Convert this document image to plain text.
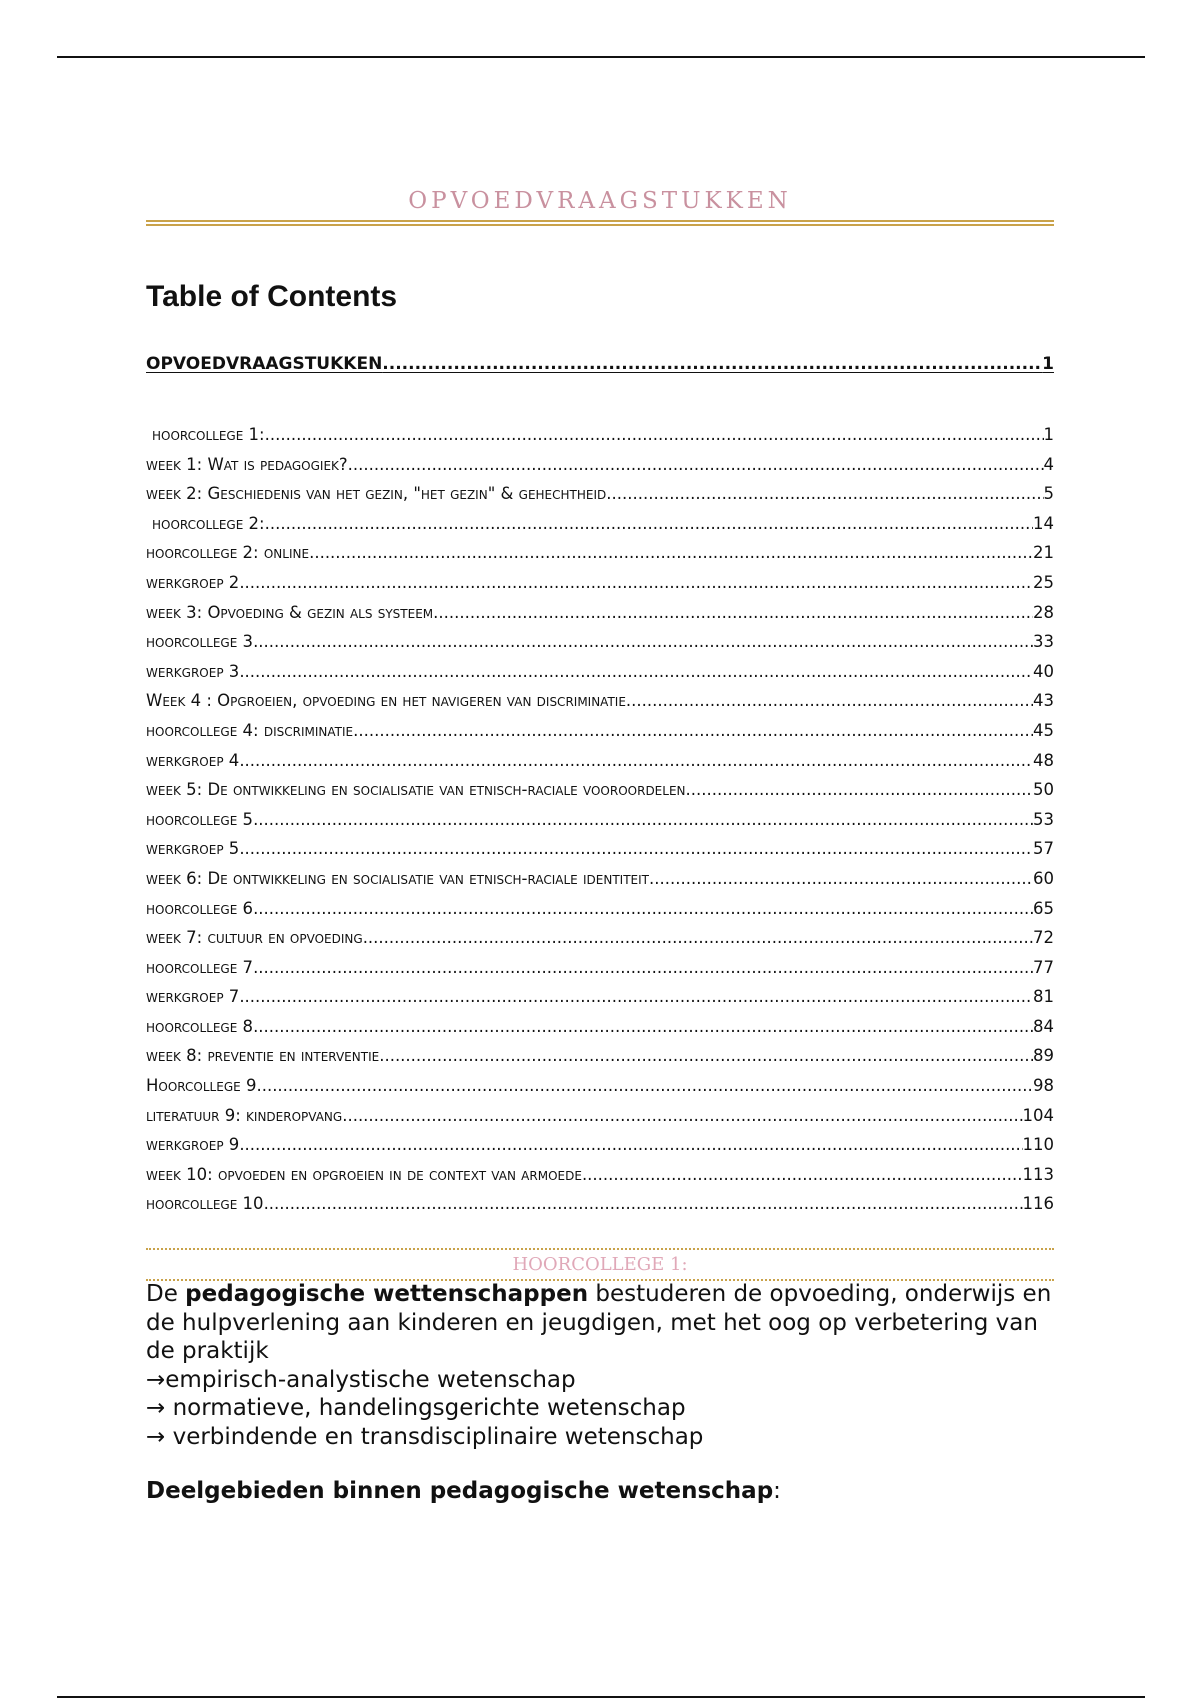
OPVOEDVRAAGSTUKKEN
Table of Contents
OPVOEDVRAAGSTUKKEN .....	1
hoorcollege 1: .....	1
week 1: Wat is pedagogiek? .....	4
week 2: Geschiedenis van het gezin, "het gezin" & gehechtheid .....	5
hoorcollege 2: .....	14
hoorcollege 2: online .....	21
werkgroep 2 .....	25
week 3: Opvoeding & gezin als systeem .....	28
hoorcollege 3 .....	33
werkgroep 3 .....	40
Week 4 : Opgroeien, opvoeding en het navigeren van discriminatie .....	43
hoorcollege 4: discriminatie .....	45
werkgroep 4 .....	48
week 5: De ontwikkeling en socialisatie van etnisch-raciale vooroordelen .....	50
hoorcollege 5 .....	53
werkgroep 5 .....	57
week 6: De ontwikkeling en socialisatie van etnisch-raciale identiteit .....	60
hoorcollege 6 .....	65
week 7: cultuur en opvoeding .....	72
hoorcollege 7 .....	77
werkgroep 7 .....	81
hoorcollege 8 .....	84
week 8: preventie en interventie .....	89
Hoorcollege 9 .....	98
literatuur 9: kinderopvang .....	104
werkgroep 9 .....	110
week 10: opvoeden en opgroeien in de context van armoede .....	113
hoorcollege 10 .....	116
HOORCOLLEGE 1:

De pedagogische wettenschappen bestuderen de opvoeding, onderwijs en de hulpverlening aan kinderen en jeugdigen, met het oog op verbetering van de praktijk

→empirisch-analystische wetenschap

→ normatieve, handelingsgerichte wetenschap

→ verbindende en transdisciplinaire wetenschap

Deelgebieden binnen pedagogische wetenschap:
